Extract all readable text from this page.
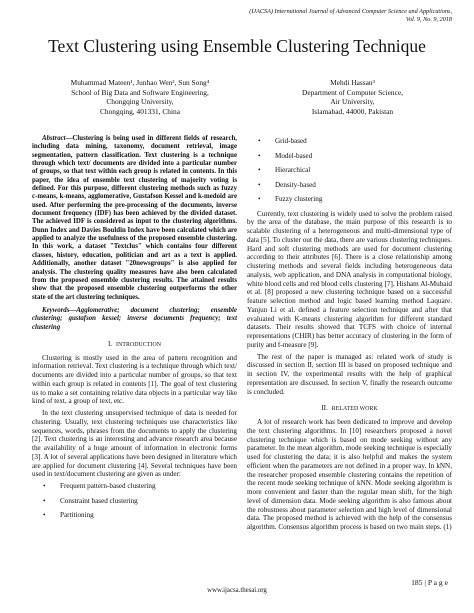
(IJACSA) International Journal of Advanced Computer Science and Applications,
Vol. 9, No. 9, 2018
Text Clustering using Ensemble Clustering Technique
Muhammad Mateen¹, Junhao Wen², Sun Song⁴
School of Big Data and Software Engineering,
Chongqing University,
Chongqing, 401331, China
Mehdi Hassan³
Department of Computer Science,
Air University,
Islamabad, 44000, Pakistan

Abstract—Clustering is being used in different fields of research, including data mining, taxonomy, document retrieval, image segmentation, pattern classification. Text clustering is a technique through which text/ documents are divided into a particular number of groups, so that text within each group is related in contents. In this paper, the idea of ensemble text clustering of majority voting is defined. For this purpose, different clustering methods such as fuzzy c-means, k-means, agglomerative, Gustafson Kessel and k-medoid are used. After performing the pre-processing of the documents, inverse document frequency (IDF) has been achieved by the divided dataset. The achieved IDF is considered as input to the clustering algorithms. Dunn Index and Davies Bouldin Index have been calculated which are applied to analyze the usefulness of the proposed ensemble clustering. In this work, a dataset "Textclus" which contains four different classes, history, education, politician and art as a text is applied. Additionally, another dataset "20newsgroups" is also applied for analysis. The clustering quality measures have also been calculated from the proposed ensemble clustering results. The attained results show that the proposed ensemble clustering outperforms the other state of the art clustering techniques.

Keywords—Agglomerative; document clustering; ensemble clustering; gustafson kessel; inverse documents frequency; text clustering

I. INTRODUCTION

Clustering is mostly used in the area of pattern recognition and information retrieval. Text clustering is a technique through which text/ documents are divided into a particular number of groups, so that text within each group is related in contents [1]. The goal of text clustering us to make a set containing relative data objects in a particular way like kind of text, a group of text, etc.

In the text clustering unsupervised technique of data is needed for clustering. Usually, text clustering techniques use characteristics like sequences, words, phrases from the documents to apply the clustering [2]. Text clustering is an interesting and advance research area because the availability of a huge amount of information in electronic forms [3]. A lot of several applications have been designed in literature which are applied for document clustering [4]. Several techniques have been used in text/document clustering are given as under:

• Frequent pattern-based clustering
• Constraint based clustering
• Partitioning
• Grid-based
• Model-based
• Hierarchical
• Density-based
• Fuzzy clustering

Currently, text clustering is widely used to solve the problem raised by the area of the database, the main purpose of this research is to scalable clustering of a heterogeneous and multi-dimensional type of data [5]. To cluster out the data, there are various clustering techniques. Hard and soft clustering methods are used for document clustering according to their attributes [6]. There is a close relationship among clustering methods and several fields including heterogeneous data analysis, web application, and DNA analysis in computational biology, white blood cells and red blood cells clustering [7]. Hisham Al-Mubaid et al. [8] proposed a new clustering technique based on a successful feature selection method and logic based learning method Laquare. Yanjun Li et al. defined a feature selection technique and after that evaluated with K-means clustering algorithm for different standard datasets. Their results showed that TCFS with choice of internal representations (CHIR) has better accuracy of clustering in the form of purity and f-measure [9].

The rest of the paper is managed as: related work of study is discussed in section II, section III is based on proposed technique and in section IV, the experimental results with the help of graphical representation are discussed. In section V, finally the research outcome is concluded.

II. RELATED WORK

A lot of research work has been dedicated to improve and develop the text clustering algorithms. In [10] researchers proposed a novel clustering technique which is based on mode seeking without any parameter. In the mean algorithm, mode seeking technique is especially used for clustering the data; it is also helpful and makes the system efficient when the parameters are not defined in a proper way. In kNN, the researcher proposed ensemble clustering contains the repetition of the recent mode seeking technique of kNN. Mode seeking algorithm is more convenient and faster than the regular mean shift, for the high level of dimension data. Mode seeking algorithm is also famous about the robustness about parameter selection and high level of dimensional data. The proposed method is achieved with the help of the consensus algorithm. Consensus algorithm process is based on two main steps. (1)

185 | P a g e
www.ijacsa.thesai.org
